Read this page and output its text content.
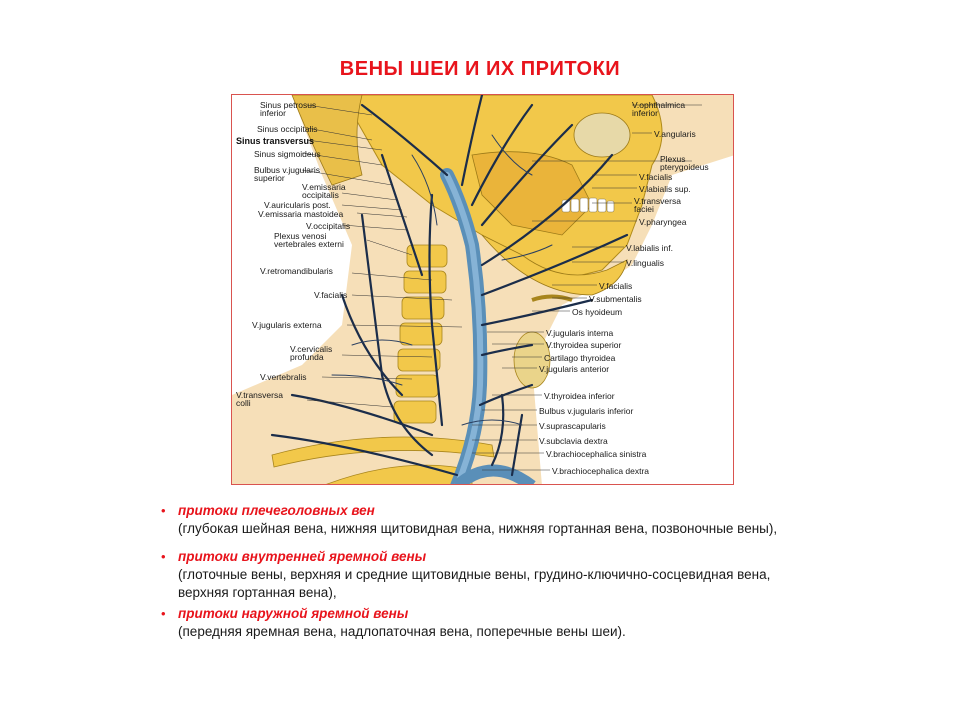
ВЕНЫ ШЕИ И ИХ ПРИТОКИ
Sinus petrosus
inferior
Sinus occipitalis
Sinus transversus
Sinus sigmoideus
Bulbus v.jugularis
superior
V.emissaria
occipitalis
V.auricularis post.
V.emissaria mastoidea
V.occipitalis
Plexus venosi
vertebrales externi
V.retromandibularis
V.facialis
V.jugularis externa
V.cervicalis
profunda
V.vertebralis
V.transversa
colli
V.ophthalmica
inferior
V.angularis
Plexus
pterygoideus
V.facialis
V.labialis sup.
V.transversa
faciei
V.pharyngea
V.labialis inf.
V.lingualis
V.facialis
V.submentalis
Os hyoideum
V.jugularis interna
V.thyroidea superior
Cartilago thyroidea
V.jugularis anterior
V.thyroidea inferior
Bulbus v.jugularis inferior
V.suprascapularis
V.subclavia dextra
V.brachiocephalica sinistra
V.brachiocephalica dextra
• притоки плечеголовных вен
(глубокая шейная вена, нижняя щитовидная вена, нижняя гортанная вена, позвоночные вены),
• притоки внутренней яремной вены
(глоточные вены, верхняя и средние щитовидные вены, грудино-ключично-сосцевидная вена,
верхняя гортанная вена),
• притоки наружной яремной вены
(передняя яремная вена, надлопаточная вена, поперечные вены шеи).
